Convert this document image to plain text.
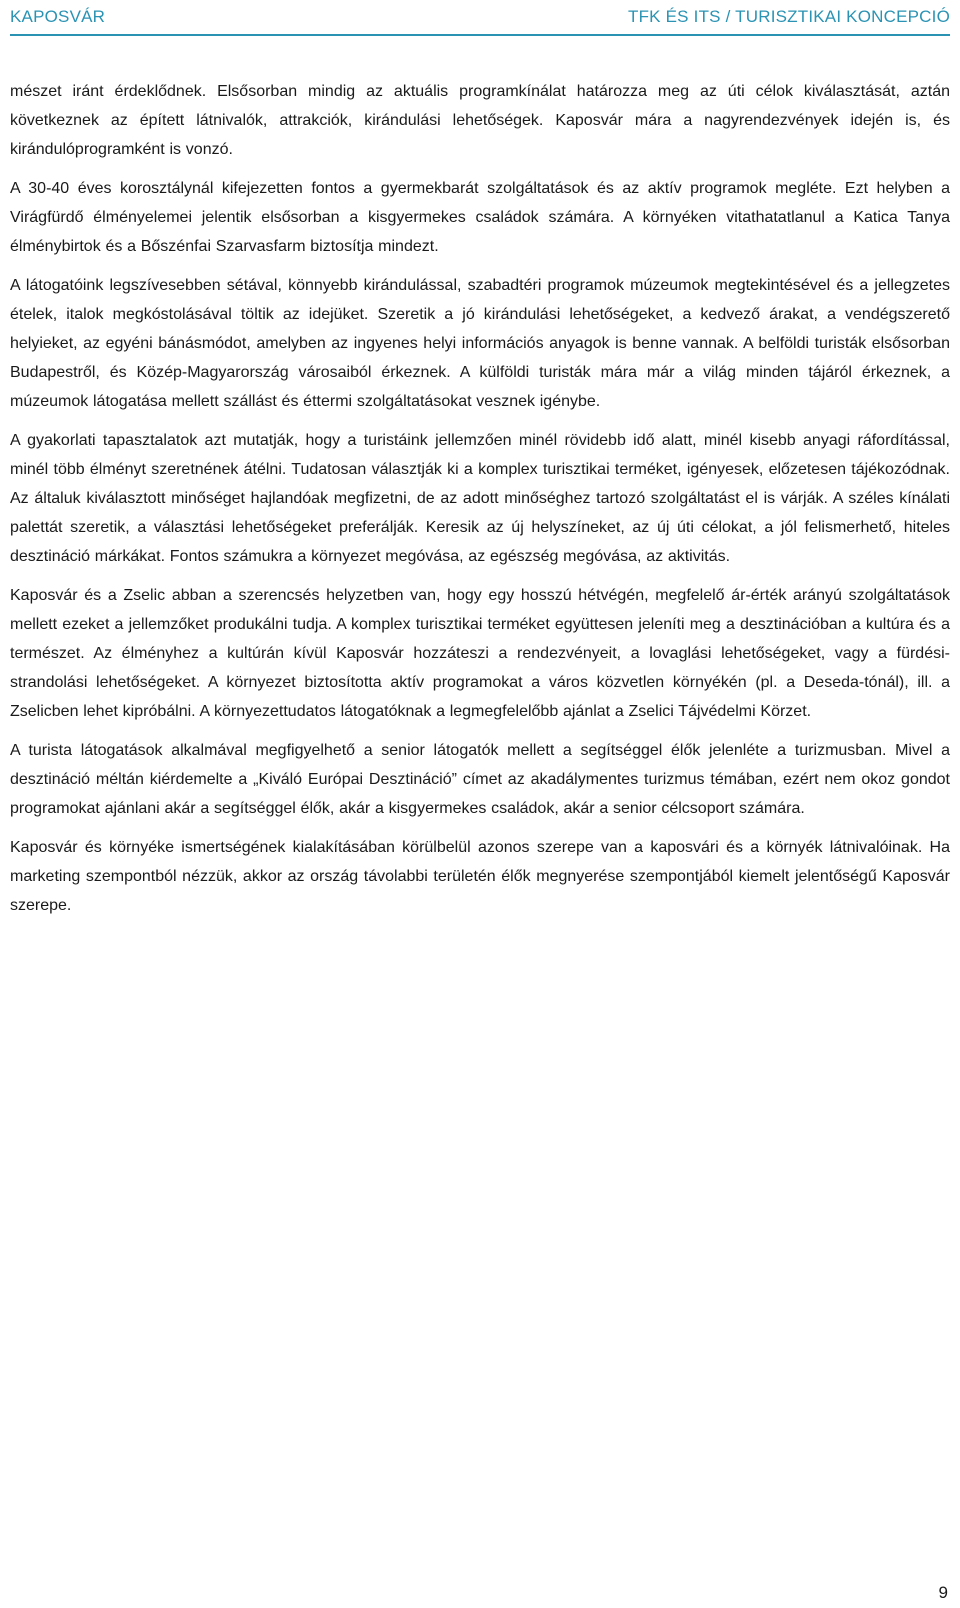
KAPOSVÁR	TFK ÉS ITS / TURISZTIKAI KONCEPCIÓ

mészet iránt érdeklődnek. Elsősorban mindig az aktuális programkínálat határozza meg az úti célok kiválasztását, aztán következnek az épített látnivalók, attrakciók, kirándulási lehetőségek. Kaposvár mára a nagyrendezvények idején is, és kirándulóprogramként is vonzó.

A 30-40 éves korosztálynál kifejezetten fontos a gyermekbarát szolgáltatások és az aktív programok megléte. Ezt helyben a Virágfürdő élményelemei jelentik elsősorban a kisgyermekes családok számára. A környéken vitathatatlanul a Katica Tanya élménybirtok és a Bőszénfai Szarvasfarm biztosítja mindezt.

A látogatóink legszívesebben sétával, könnyebb kirándulással, szabadtéri programok múzeumok megtekintésével és a jellegzetes ételek, italok megkóstolásával töltik az idejüket. Szeretik a jó kirándulási lehetőségeket, a kedvező árakat, a vendégszerető helyieket, az egyéni bánásmódot, amelyben az ingyenes helyi információs anyagok is benne vannak. A belföldi turisták elsősorban Budapestről, és Közép-Magyarország városaiból érkeznek. A külföldi turisták mára már a világ minden tájáról érkeznek, a múzeumok látogatása mellett szállást és éttermi szolgáltatásokat vesznek igénybe.

A gyakorlati tapasztalatok azt mutatják, hogy a turistáink jellemzően minél rövidebb idő alatt, minél kisebb anyagi ráfordítással, minél több élményt szeretnének átélni. Tudatosan választják ki a komplex turisztikai terméket, igényesek, előzetesen tájékozódnak. Az általuk kiválasztott minőséget hajlandóak megfizetni, de az adott minőséghez tartozó szolgáltatást el is várják. A széles kínálati palettát szeretik, a választási lehetőségeket preferálják. Keresik az új helyszíneket, az új úti célokat, a jól felismerhető, hiteles desztináció márkákat. Fontos számukra a környezet megóvása, az egészség megóvása, az aktivitás.

Kaposvár és a Zselic abban a szerencsés helyzetben van, hogy egy hosszú hétvégén, megfelelő ár-érték arányú szolgáltatások mellett ezeket a jellemzőket produkálni tudja. A komplex turisztikai terméket együttesen jeleníti meg a desztinációban a kultúra és a természet. Az élményhez a kultúrán kívül Kaposvár hozzáteszi a rendezvényeit, a lovaglási lehetőségeket, vagy a fürdési-strandolási lehetőségeket. A környezet biztosította aktív programokat a város közvetlen környékén (pl. a Deseda-tónál), ill. a Zselicben lehet kipróbálni. A környezettudatos látogatóknak a legmegfelelőbb ajánlat a Zselici Tájvédelmi Körzet.

A turista látogatások alkalmával megfigyelhető a senior látogatók mellett a segítséggel élők jelenléte a turizmusban. Mivel a desztináció méltán kiérdemelte a „Kiváló Európai Desztináció” címet az akadálymentes turizmus témában, ezért nem okoz gondot programokat ajánlani akár a segítséggel élők, akár a kisgyermekes családok, akár a senior célcsoport számára.

Kaposvár és környéke ismertségének kialakításában körülbelül azonos szerepe van a kaposvári és a környék látnivalóinak. Ha marketing szempontból nézzük, akkor az ország távolabbi területén élők megnyerése szempontjából kiemelt jelentőségű Kaposvár szerepe.

9
